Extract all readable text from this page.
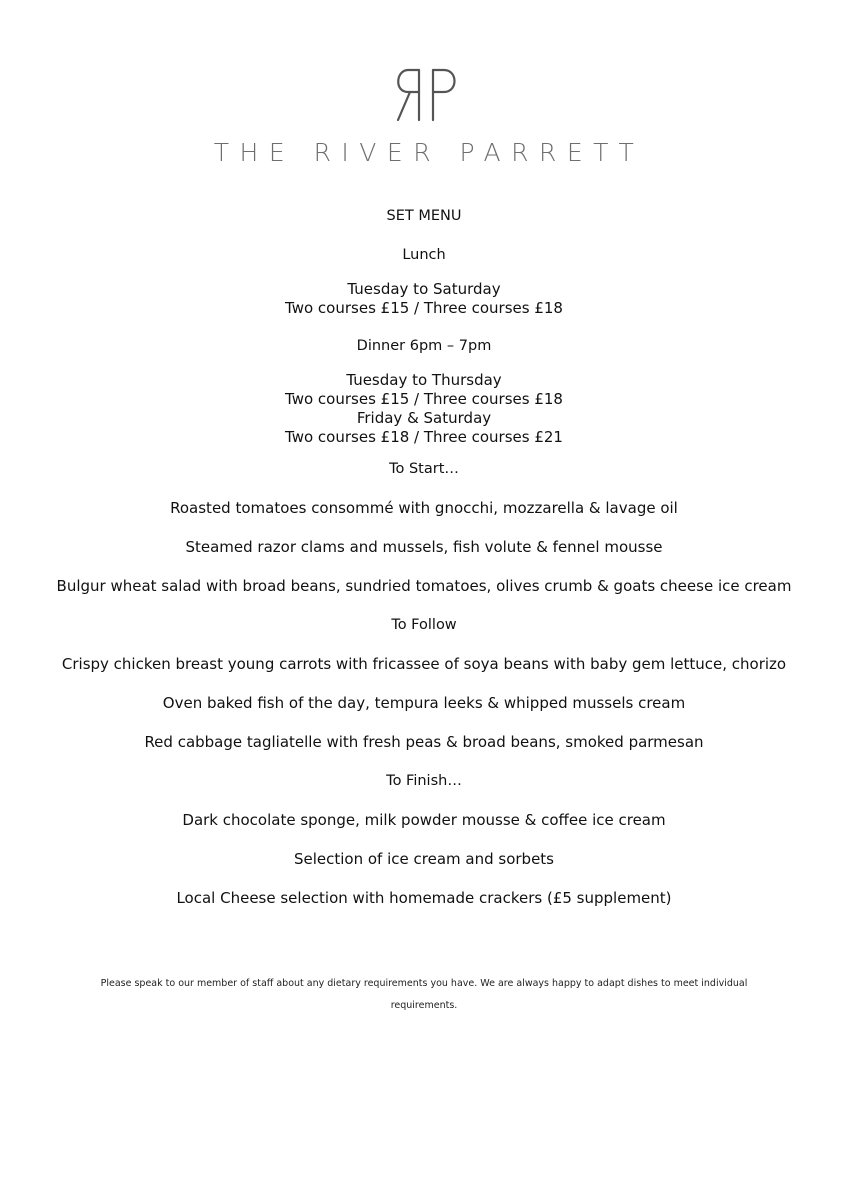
THE RIVER PARRETT
SET MENU
Lunch
Tuesday to Saturday
Two courses £15 / Three courses £18
Dinner 6pm – 7pm
Tuesday to Thursday
Two courses £15 / Three courses £18
Friday & Saturday
Two courses £18 / Three courses £21
To Start…
Roasted tomatoes consommé with gnocchi, mozzarella & lavage oil
Steamed razor clams and mussels, fish volute & fennel mousse
Bulgur wheat salad with broad beans, sundried tomatoes, olives crumb & goats cheese ice cream
To Follow
Crispy chicken breast young carrots with fricassee of soya beans with baby gem lettuce, chorizo
Oven baked fish of the day, tempura leeks & whipped mussels cream
Red cabbage tagliatelle with fresh peas & broad beans, smoked parmesan
To Finish…
Dark chocolate sponge, milk powder mousse & coffee ice cream
Selection of ice cream and sorbets
Local Cheese selection with homemade crackers (£5 supplement)
Please speak to our member of staff about any dietary requirements you have. We are always happy to adapt dishes to meet individual
requirements.
